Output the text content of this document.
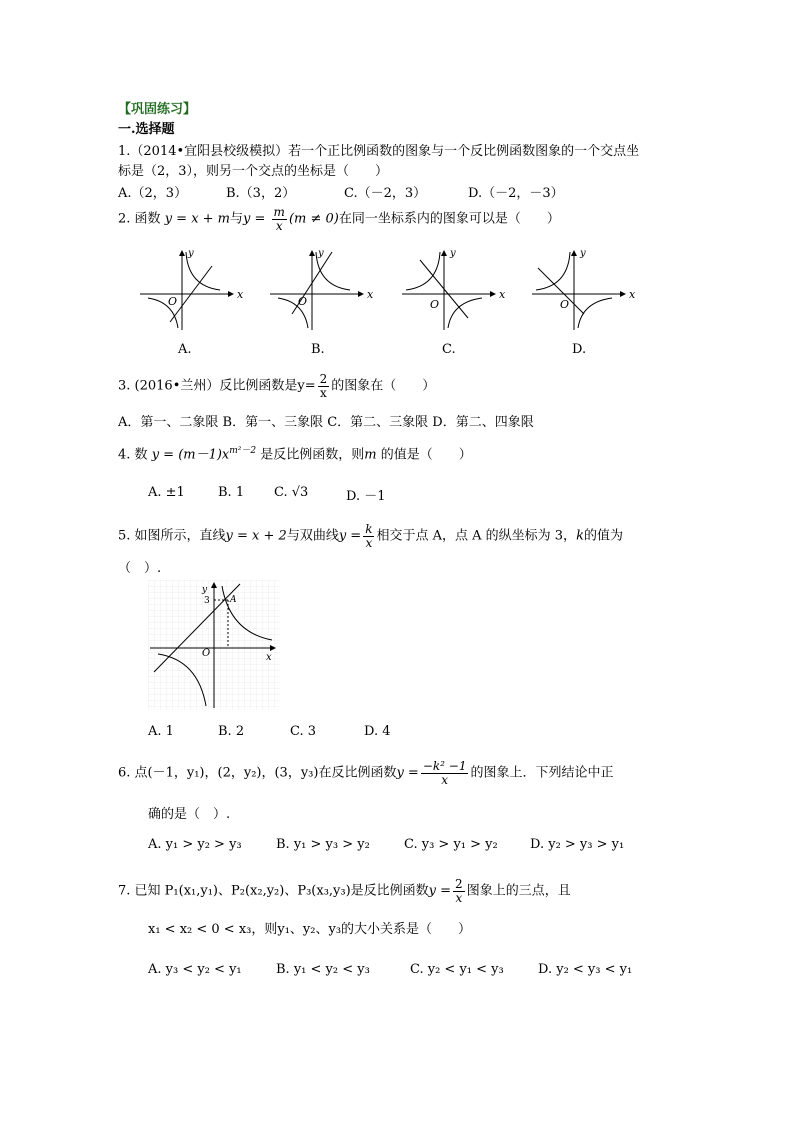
【巩固练习】
一.选择题
1.（2014•宜阳县校级模拟）若一个正比例函数的图象与一个反比例函数图象的一个交点坐
标是（2，3），则另一个交点的坐标是（　　）
A.（2，3）	B.（3，2）	C.（－2，3）	D.（－2，－3）
2. 函数 y = x + m与$y = \frac{m}{x} (m \ne 0)$在同一坐标系内的图象可以是（　　）
y
x
O
y
x
O
y
x
O
y
x
O
A.	B.	C.	D.
3. (2016•兰州）反比例函数是$y= \frac{2}{x}$ 的图象在（　　）
A．第一、二象限 B．第一、三象限 C．第二、三象限 D．第二、四象限
4. 数 $y = (m-1)x^{m^2-2}$ 是反比例函数，则m 的值是（　　）
A. ±1	B. 1 C. √3	D. －1
5. 如图所示，直线y = x + 2与双曲线$y = \frac{k}{x}$ 相交于点 A，点 A 的纵坐标为 3，k的值为
（　）.
y
x
O
3 A
A. 1	B. 2	C. 3	D. 4
6. 点(－1，y₁)，(2，y₂)，(3，y₃)在反比例函数$y = \frac{\text{−k² −1}}{x}$ 的图象上．下列结论中正
确的是（　）.
A. y₁ > y₂ > y₃	B. y₁ > y₃ > y₂	C. y₃ > y₁ > y₂ D. y₂ > y₃ > y₁
7. 已知 P₁(x₁,y₁)、P₂(x₂,y₂)、P₃(x₃,y₃)是反比例函数$y = \frac{2}{x}$ 图象上的三点，且
x₁ < x₂ < 0 < x₃，则y₁、y₂、y₃的大小关系是（　　）
A. y₃ < y₂ < y₁	B. y₁ < y₂ < y₃	C. y₂ < y₁ < y₃	D. y₂ < y₃ < y₁
